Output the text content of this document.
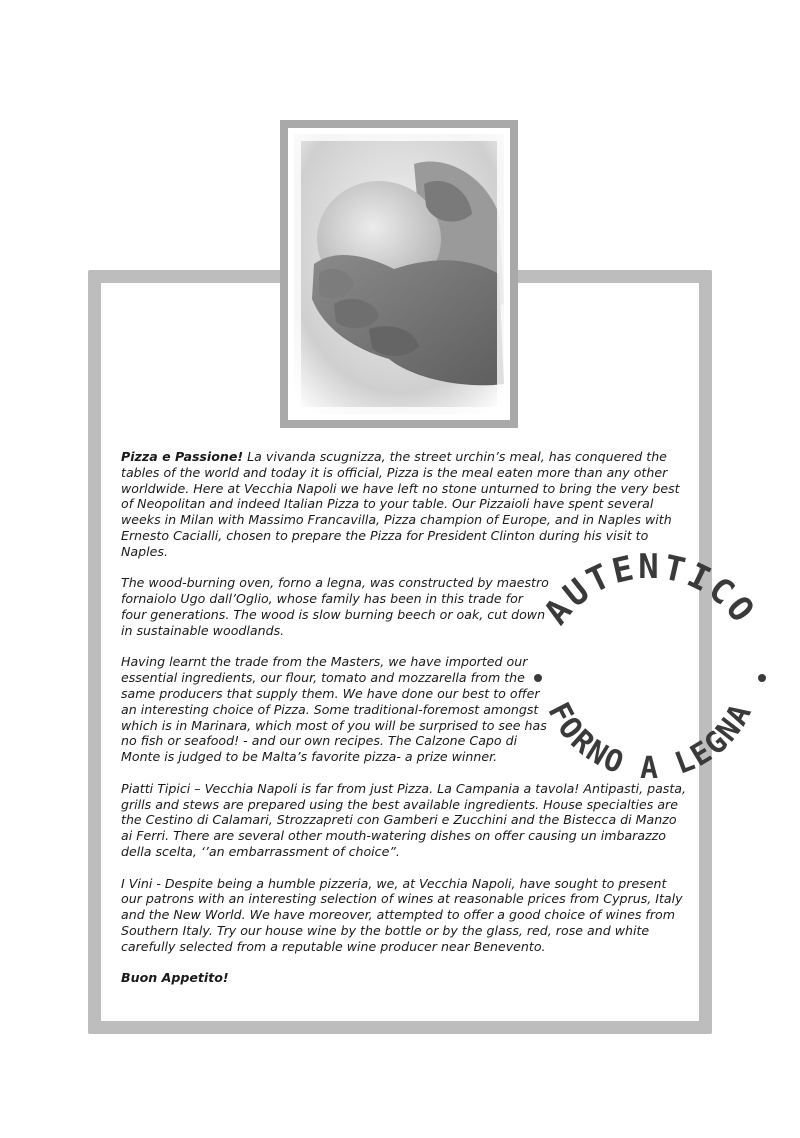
Pizza e Passione! La vivanda scugnizza, the street urchin’s meal, has conquered the tables of the world and today it is official, Pizza is the meal eaten more than any other worldwide. Here at Vecchia Napoli we have left no stone unturned to bring the very best of Neopolitan and indeed Italian Pizza to your table. Our Pizzaioli have spent several weeks in Milan with Massimo Francavilla, Pizza champion of Europe, and in Naples with Ernesto Cacialli, chosen to prepare the Pizza for President Clinton during his visit to Naples.

The wood-burning oven, forno a legna, was constructed by maestro fornaiolo Ugo dall’Oglio, whose family has been in this trade for four generations. The wood is slow burning beech or oak, cut down in sustainable woodlands.

Having learnt the trade from the Masters, we have imported our essential ingredients, our flour, tomato and mozzarella from the same producers that supply them. We have done our best to offer an interesting choice of Pizza. Some traditional-foremost amongst which is in Marinara, which most of you will be surprised to see has no fish or seafood! - and our own recipes. The Calzone Capo di Monte is judged to be Malta’s favorite pizza- a prize winner.

Piatti Tipici – Vecchia Napoli is far from just Pizza. La Campania a tavola! Antipasti, pasta, grills and stews are prepared using the best available ingredients. House specialties are the Cestino di Calamari, Strozzapreti con Gamberi e Zucchini and the Bistecca di Manzo ai Ferri. There are several other mouth-watering dishes on offer causing un imbarazzo della scelta, ‘’an embarrassment of choice”.

I Vini - Despite being a humble pizzeria, we, at Vecchia Napoli, have sought to present our patrons with an interesting selection of wines at reasonable prices from Cyprus, Italy and the New World. We have moreover, attempted to offer a good choice of wines from Southern Italy. Try our house wine by the bottle or by the glass, red, rose and white carefully selected from a reputable wine producer near Benevento.

Buon Appetito!

AUTENTICO
FORNO A LEGNA
